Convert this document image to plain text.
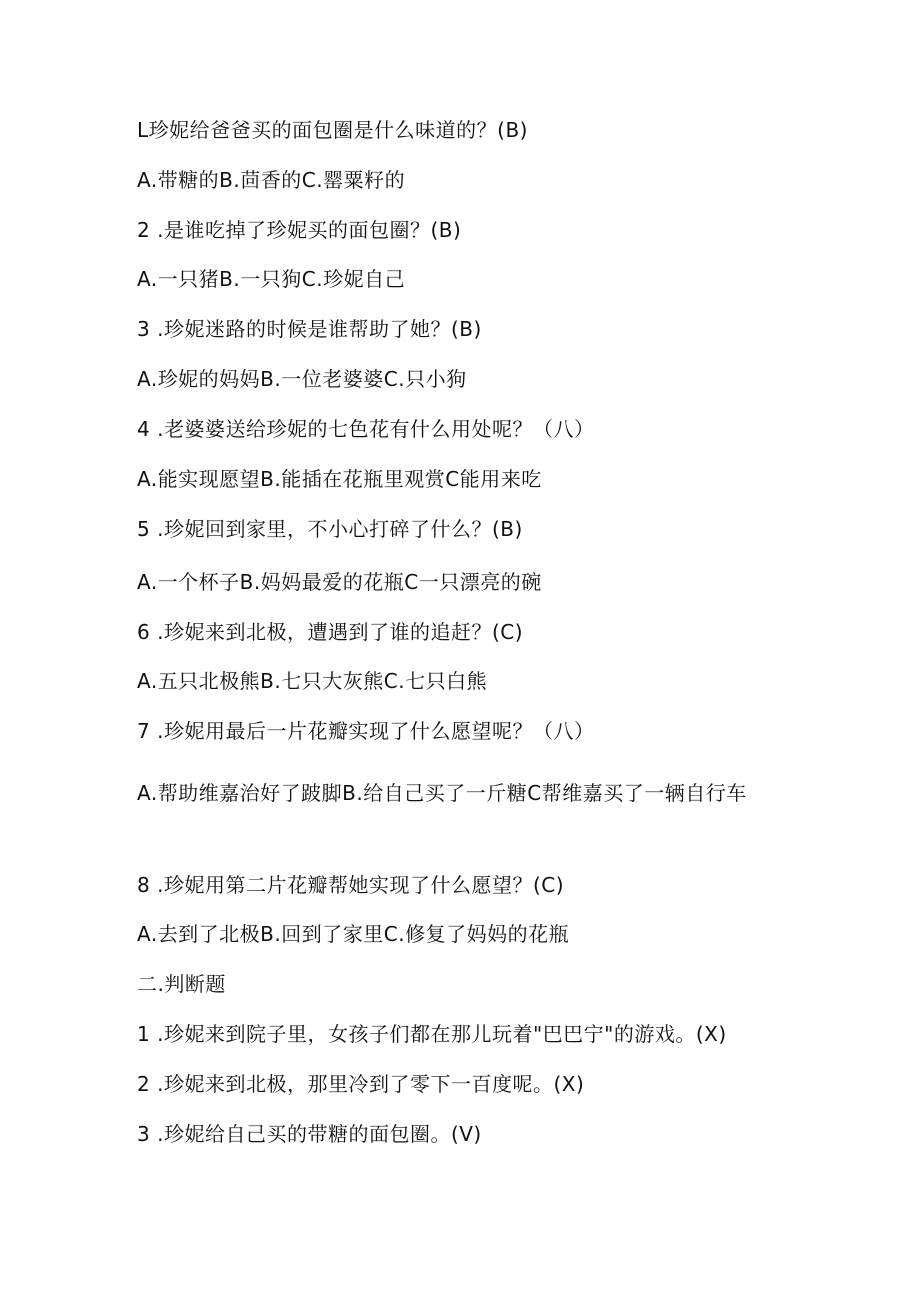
L珍妮给爸爸买的面包圈是什么味道的？(B)
A.带糖的B.茴香的C.罂粟籽的
2 .是谁吃掉了珍妮买的面包圈？(B)
A.一只猪B.一只狗C.珍妮自己
3 .珍妮迷路的时候是谁帮助了她？(B)
A.珍妮的妈妈B.一位老婆婆C.只小狗
4 .老婆婆送给珍妮的七色花有什么用处呢？（八）
A.能实现愿望B.能插在花瓶里观赏C能用来吃
5 .珍妮回到家里，不小心打碎了什么？(B)
A.一个杯子B.妈妈最爱的花瓶C一只漂亮的碗
6 .珍妮来到北极，遭遇到了谁的追赶？(C)
A.五只北极熊B.七只大灰熊C.七只白熊
7 .珍妮用最后一片花瓣实现了什么愿望呢？（八）
A.帮助维嘉治好了跛脚B.给自己买了一斤糖C帮维嘉买了一辆自行车
8 .珍妮用第二片花瓣帮她实现了什么愿望？(C)
A.去到了北极B.回到了家里C.修复了妈妈的花瓶
二.判断题
1 .珍妮来到院子里，女孩子们都在那儿玩着"巴巴宁"的游戏。(X)
2 .珍妮来到北极，那里冷到了零下一百度呢。(X)
3 .珍妮给自己买的带糖的面包圈。(V)
